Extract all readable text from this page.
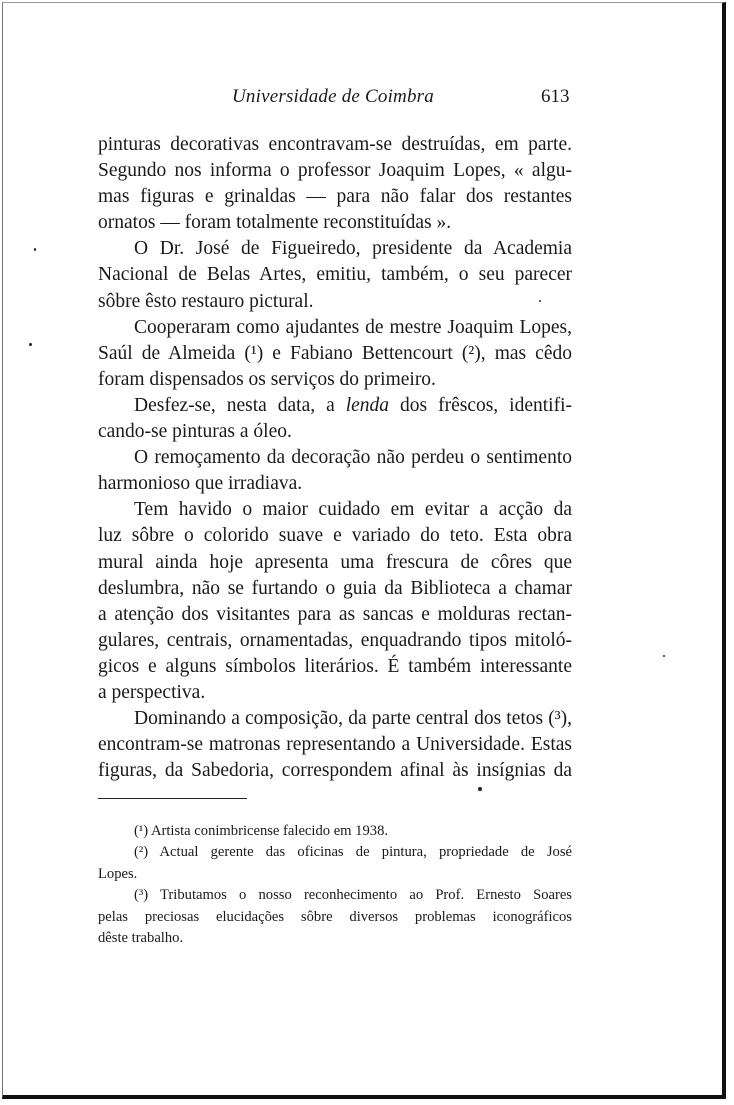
Universidade de Coimbra	613
pinturas decorativas encontravam-se destruídas, em parte.
Segundo nos informa o professor Joaquim Lopes, « algu-
mas figuras e grinaldas — para não falar dos restantes
ornatos — foram totalmente reconstituídas ».
O Dr. José de Figueiredo, presidente da Academia
Nacional de Belas Artes, emitiu, também, o seu parecer
sôbre êsto restauro pictural.
Cooperaram como ajudantes de mestre Joaquim Lopes,
Saúl de Almeida (¹) e Fabiano Bettencourt (²), mas cêdo
foram dispensados os serviços do primeiro.
Desfez-se, nesta data, a lenda dos frêscos, identifi-
cando-se pinturas a óleo.
O remoçamento da decoração não perdeu o sentimento
harmonioso que irradiava.
Tem havido o maior cuidado em evitar a acção da
luz sôbre o colorido suave e variado do teto. Esta obra
mural ainda hoje apresenta uma frescura de côres que
deslumbra, não se furtando o guia da Biblioteca a chamar
a atenção dos visitantes para as sancas e molduras rectan-
gulares, centrais, ornamentadas, enquadrando tipos mitoló-
gicos e alguns símbolos literários. É também interessante
a perspectiva.
Dominando a composição, da parte central dos tetos (³),
encontram-se matronas representando a Universidade. Estas
figuras, da Sabedoria, correspondem afinal às insígnias da
(¹) Artista conimbricense falecido em 1938.
(²) Actual gerente das oficinas de pintura, propriedade de José
Lopes.
(³) Tributamos o nosso reconhecimento ao Prof. Ernesto Soares
pelas preciosas elucidações sôbre diversos problemas iconográficos
dêste trabalho.
